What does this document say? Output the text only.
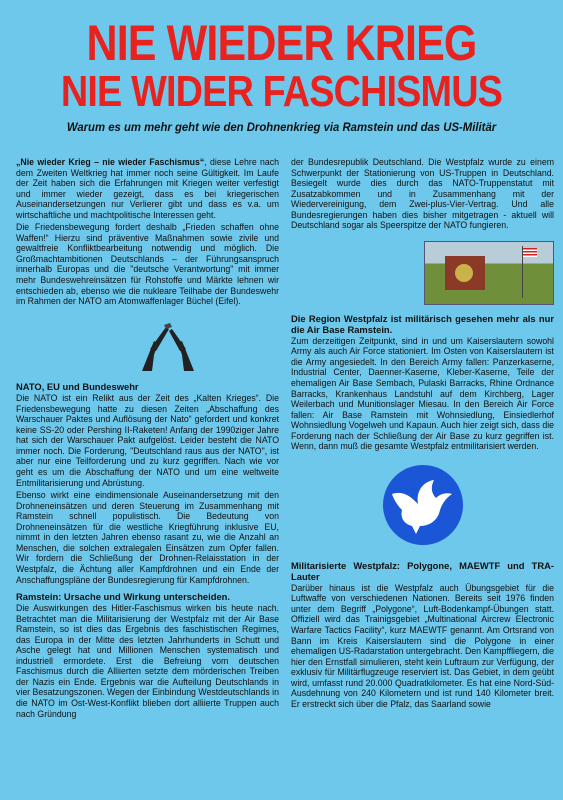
NIE WIEDER KRIEG
NIE WIDER FASCHISMUS
Warum es um mehr geht wie den Drohnenkrieg via Ramstein und das US-Militär

„Nie wieder Krieg – nie wieder Faschismus“, diese Lehre nach dem Zweiten Weltkrieg hat immer noch seine Gültigkeit. Im Laufe der Zeit haben sich die Erfahrungen mit Kriegen weiter verfestigt und immer wieder gezeigt, dass es bei kriegerischen Auseinandersetzungen nur Verlierer gibt und dass es v.a. um wirtschaftliche und machtpolitische Interessen geht.

Die Friedensbewegung fordert deshalb „Frieden schaffen ohne Waffen!“ Hierzu sind präventive Maßnahmen sowie zivile und gewaltfreie Konfliktbearbeitung notwendig und möglich. Die Großmachtambitionen Deutschlands – der Führungsanspruch innerhalb Europas und die "deutsche Verantwortung" mit immer mehr Bundeswehreinsätzen für Rohstoffe und Märkte lehnen wir entschieden ab, ebenso wie die nukleare Teilhabe der Bundeswehr im Rahmen der NATO am Atomwaffenlager Büchel (Eifel).

NATO, EU und Bundeswehr

Die NATO ist ein Relikt aus der Zeit des „Kalten Krieges“. Die Friedensbewegung hatte zu diesen Zeiten „Abschaffung des Warschauer Paktes und Auflösung der Nato“ gefordert und konkret keine SS-20 oder Pershing II-Raketen! Anfang der 1990ziger Jahre hat sich der Warschauer Pakt aufgelöst. Leider besteht die NATO immer noch. Die Forderung, "Deutschland raus aus der NATO", ist aber nur eine Teilforderung und zu kurz gegriffen. Nach wie vor geht es um die Abschaffung der NATO und um eine weltweite Entmilitarisierung und Abrüstung.

Ebenso wirkt eine eindimensionale Auseinandersetzung mit den Drohneneinsätzen und deren Steuerung im Zusammenhang mit Ramstein schnell populistisch. Die Bedeutung von Drohneneinsätzen für die westliche Kriegführung inklusive EU, nimmt in den letzten Jahren ebenso rasant zu, wie die Anzahl an Menschen, die solchen extralegalen Einsätzen zum Opfer fallen. Wir fordern die Schließung der Drohnen-Relaisstation in der Westpfalz, die Ächtung aller Kampfdrohnen und ein Ende der Anschaffungspläne der Bundesregierung für Kampfdrohnen.

Ramstein: Ursache und Wirkung unterscheiden.

Die Auswirkungen des Hitler-Faschismus wirken bis heute nach. Betrachtet man die Militarisierung der Westpfalz mit der Air Base Ramstein, so ist dies das Ergebnis des faschistischen Regimes, das Europa in der Mitte des letzten Jahrhunderts in Schutt und Asche gelegt hat und Millionen Menschen systematisch und industriell ermordete. Erst die Befreiung vom deutschen Faschismus durch die Alliierten setzte dem mörderischen Treiben der Nazis ein Ende. Ergebnis war die Aufteilung Deutschlands in vier Besatzungszonen. Wegen der Einbindung Westdeutschlands in die NATO im Ost-West-Konflikt blieben dort alliierte Truppen auch nach Gründung

der Bundesrepublik Deutschland. Die Westpfalz wurde zu einem Schwerpunkt der Stationierung von US-Truppen in Deutschland. Besiegelt wurde dies durch das NATO-Truppenstatut mit Zusatzabkommen und in Zusammenhang mit der Wiedervereinigung, dem Zwei-plus-Vier-Vertrag. Und alle Bundesregierungen haben dies bisher mitgetragen - aktuell will Deutschland sogar als Speerspitze der NATO fungieren.

Die Region Westpfalz ist militärisch gesehen mehr als nur die Air Base Ramstein.

Zum derzeitigen Zeitpunkt, sind in und um Kaiserslautern sowohl Army als auch Air Force stationiert. Im Osten von Kaiserslautern ist die Army angesiedelt. In den Bereich Army fallen: Panzerkaserne, Industrial Center, Daenner-Kaserne, Kleber-Kaserne, Teile der ehemaligen Air Base Sembach, Pulaski Barracks, Rhine Ordnance Barracks, Krankenhaus Landstuhl auf dem Kirchberg, Lager Weilerbach und Munitionslager Miesau. In den Bereich Air Force fallen: Air Base Ramstein mit Wohnsiedlung, Einsiedlerhof Wohnsiedlung Vogelweh und Kapaun. Auch hier zeigt sich, dass die Forderung nach der Schließung der Air Base zu kurz gegriffen ist. Wenn, dann muß die gesamte Westpfalz entmilitarisiert werden.

Militarisierte Westpfalz: Polygone, MAEWTF und TRA-Lauter

Darüber hinaus ist die Westpfalz auch Übungsgebiet für die Luftwaffe von verschiedenen Nationen. Bereits seit 1976 finden unter dem Begriff „Polygone“, Luft-Bodenkampf-Übungen statt. Offiziell wird das Trainigsgebiet „Multinational Aircrew Electronic Warfare Tactics Facility“, kurz MAEWTF genannt. Am Ortsrand von Bann im Kreis Kaiserslautern sind die Polygone in einer ehemaligen US-Radarstation untergebracht. Den Kampffliegern, die hier den Ernstfall simulieren, steht kein Luftraum zur Verfügung, der exklusiv für Militärflugzeuge reserviert ist. Das Gebiet, in dem geübt wird, umfasst rund 20.000 Quadratkilometer. Es hat eine Nord-Süd-Ausdehnung von 240 Kilometern und ist rund 140 Kilometer breit. Er erstreckt sich über die Pfalz, das Saarland sowie
